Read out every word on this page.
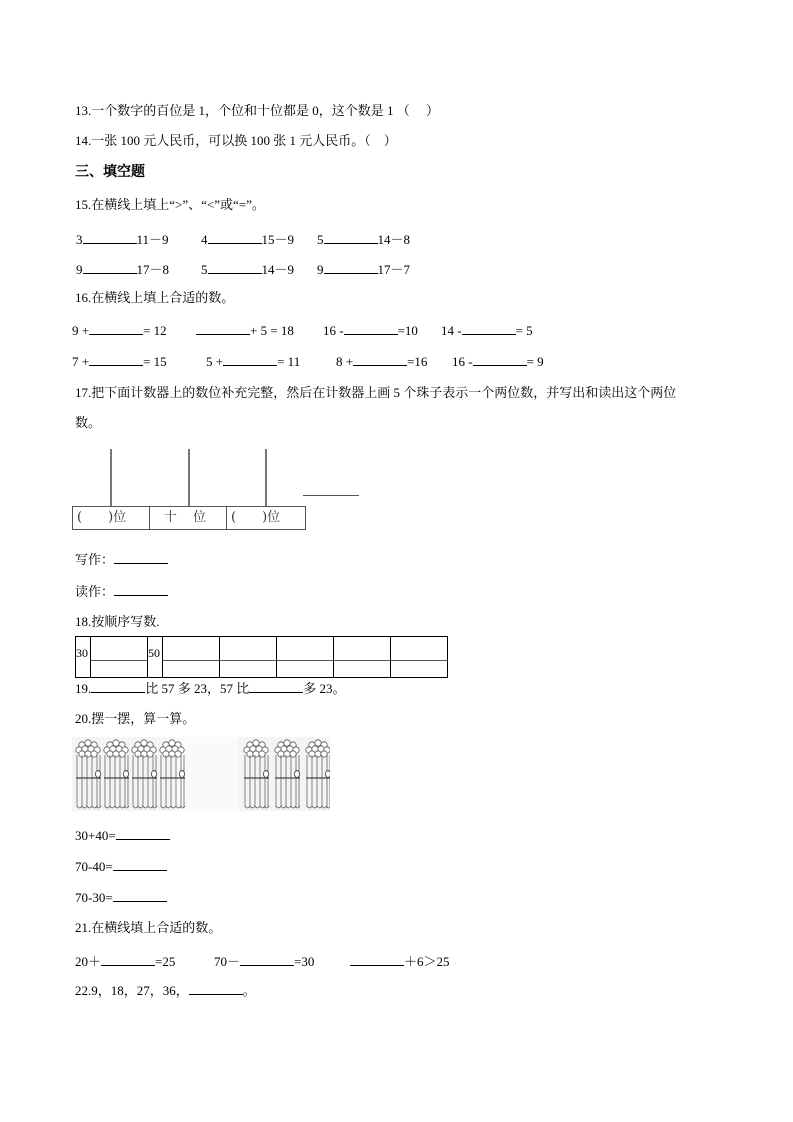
13.一个数字的百位是 1，个位和十位都是 0，这个数是 1 （　 ）
14.一张 100 元人民币，可以换 100 张 1 元人民币。（　）
三、填空题
15.在横线上填上“>”、“<”或“=”。
3	11－9 4	15－9 5	14－8
9	17－8 5	14－9 9	17－7
16.在横线上填上合适的数。
9 +	= 12	+ 5 = 18 16 -	=10 14 -	= 5
7 +	= 15	5 +	= 11	8 +	=16 16 -	= 9
17.把下面计数器上的数位补充完整，然后在计数器上画 5 个珠子表示一个两位数，并写出和读出这个两位
数。
(　　)位	十 位	(　　)位
写作：
读作：
18.按顺序写数.
30		50	

19.	比 57 多 23，57 比	多 23。
20.摆一摆，算一算。
30+40=
70-40=
70-30=
21.在横线填上合适的数。
20＋	=25	70－	=30	＋6＞25
22.9，18，27，36，	。
